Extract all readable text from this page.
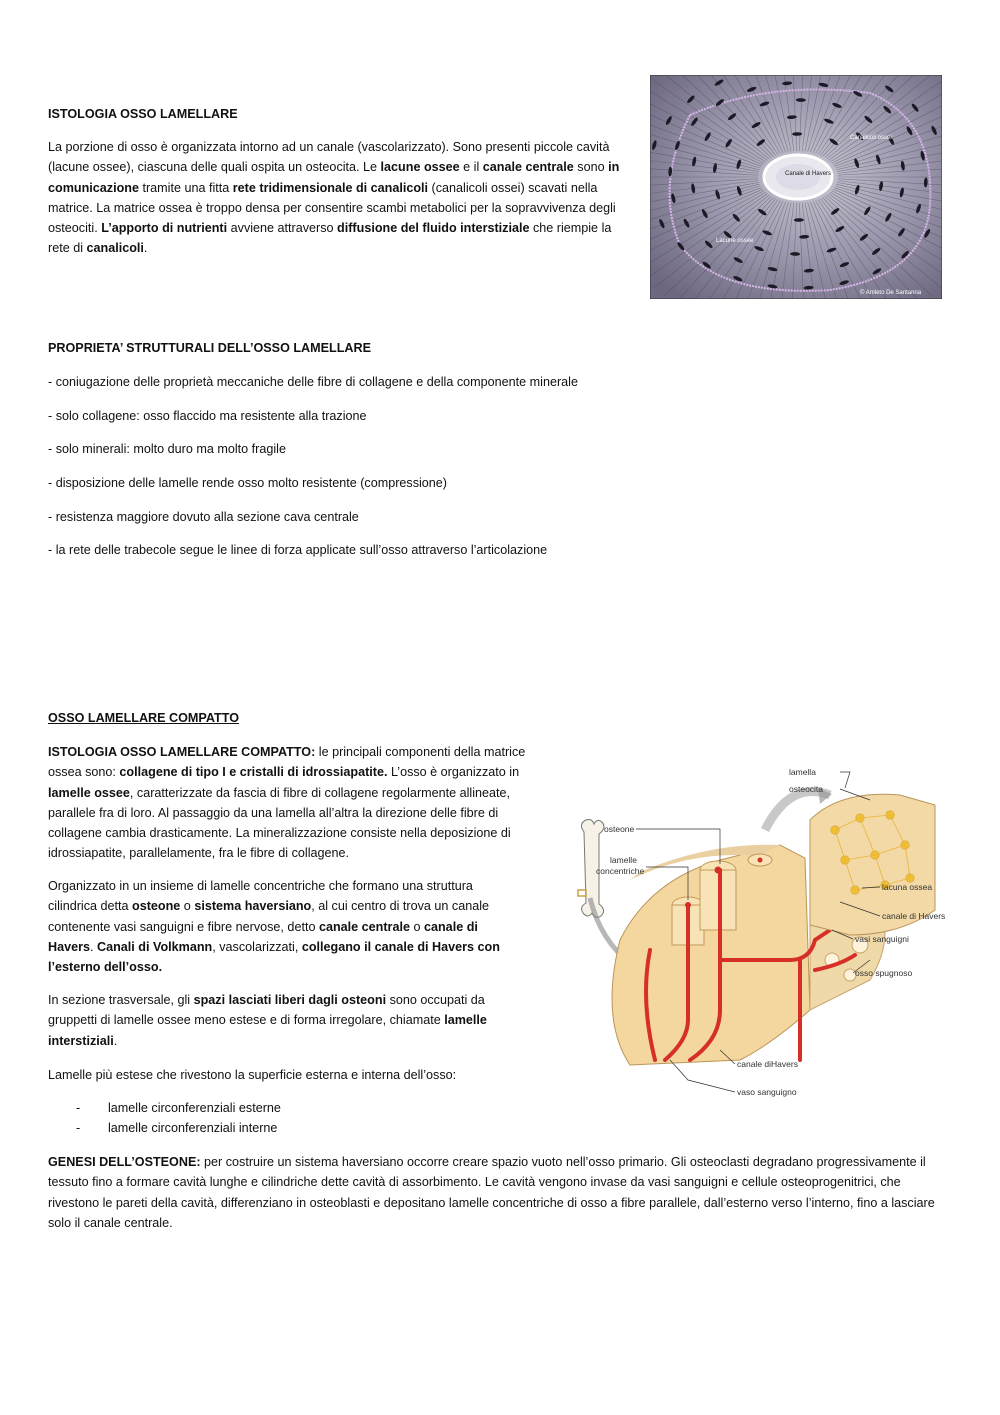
ISTOLOGIA OSSO LAMELLARE

La porzione di osso è organizzata intorno ad un canale (vascolarizzato). Sono presenti piccole cavità (lacune ossee), ciascuna delle quali ospita un osteocita. Le lacune ossee e il canale centrale sono in comunicazione tramite una fitta rete tridimensionale di canalicoli (canalicoli ossei) scavati nella matrice. La matrice ossea è troppo densa per consentire scambi metabolici per la sopravvivenza degli osteociti. L’apporto di nutrienti avviene attraverso diffusione del fluido interstiziale che riempie la rete di canalicoli.

Canale di Havers
Canalicoli ossei
Lacune ossee
© Amleto De Santanna
PROPRIETA’ STRUTTURALI DELL’OSSO LAMELLARE

- coniugazione delle proprietà meccaniche delle fibre di collagene e della componente minerale

- solo collagene: osso flaccido ma resistente alla trazione

- solo minerali: molto duro ma molto fragile

- disposizione delle lamelle rende osso molto resistente (compressione)

- resistenza maggiore dovuto alla sezione cava centrale

- la rete delle trabecole segue le linee di forza applicate sull’osso attraverso l’articolazione

OSSO LAMELLARE COMPATTO

ISTOLOGIA OSSO LAMELLARE COMPATTO: le principali componenti della matrice ossea sono: collagene di tipo I e cristalli di idrossiapatite. L’osso è organizzato in lamelle ossee, caratterizzate da fascia di fibre di collagene regolarmente allineate, parallele fra di loro. Al passaggio da una lamella all’altra la direzione delle fibre di collagene cambia drasticamente. La mineralizzazione consiste nella deposizione di idrossiapatite, parallelamente, fra le fibre di collagene.

Organizzato in un insieme di lamelle concentriche che formano una struttura cilindrica detta osteone o sistema haversiano, al cui centro di trova un canale contenente vasi sanguigni e fibre nervose, detto canale centrale o canale di Havers. Canali di Volkmann, vascolarizzati, collegano il canale di Havers con l’esterno dell’osso.

In sezione trasversale, gli spazi lasciati liberi dagli osteoni sono occupati da gruppetti di lamelle ossee meno estese e di forma irregolare, chiamate lamelle interstiziali.

Lamelle più estese che rivestono la superficie esterna e interna dell’osso:
- lamelle circonferenziali esterne
- lamelle circonferenziali interne

GENESI DELL’OSTEONE: per costruire un sistema haversiano occorre creare spazio vuoto nell’osso primario. Gli osteoclasti degradano progressivamente il tessuto fino a formare cavità lunghe e cilindriche dette cavità di assorbimento. Le cavità vengono invase da vasi sanguigni e cellule osteoprogenitrici, che rivestono le pareti della cavità, differenziano in osteoblasti e depositano lamelle concentriche di osso a fibre parallele, dall’esterno verso l’interno, fino a lasciare solo il canale centrale.

lamella
osteocita
osteone
lamelle
concentriche
lacuna ossea
canale di Havers
vasi sanguigni
osso spugnoso
canale diHavers
vaso sanguigno
